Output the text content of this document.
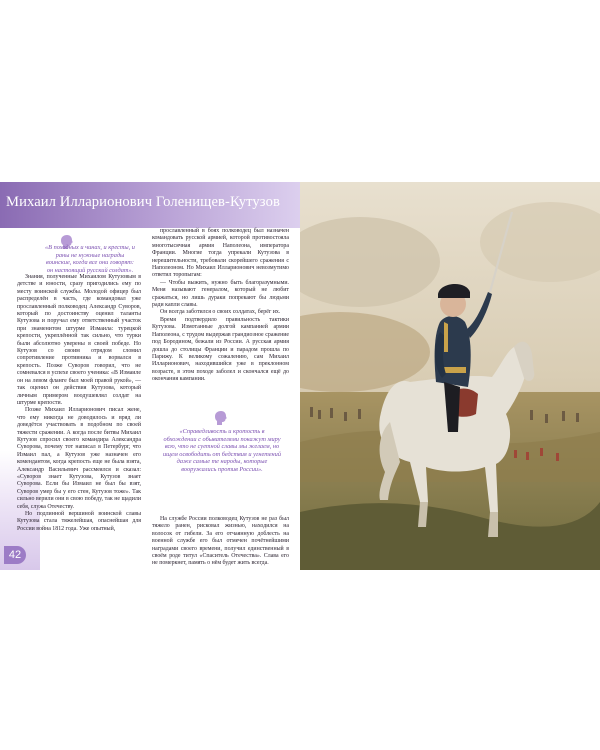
Михаил Илларионович Голенищев-Кутузов
42
«В походных и чинах, и кресты, и раны не нужные награды воинские, когда все они говорят: он настоящий русский солдат».

Знания, полученные Михаилом Кутузовым в детстве и юности, сразу пригодились ему по месту воинской службы. Молодой офицер был распределён в часть, где командовал уже прославленный полководец Александр Суворов, который по достоинству оценил таланты Кутузова и поручал ему ответственный участок при знаменитом штурме Измаила: турецкой крепости, укреплённой так сильно, что турки были абсолютно уверены в своей победе. Но Кутузов со своим отрядом сломил сопротивление противника и ворвался в крепость. Позже Суворов говорил, что не сомневался в успехе своего ученика: «В Измаиле он на левом фланге был моей правой рукой», — так оценил он действия Кутузова, который личным примером воодушевлял солдат на штурме крепости.

Позже Михаил Илларионович писал жене, что ему никогда не доводилось и вряд ли доведётся участвовать в подобном по своей тяжести сражении. А когда после битвы Михаил Кутузов спросил своего командира Александра Суворова, почему тот написал в Петербург, что Измаил пал, а Кутузов уже назначен его комендантом, когда крепость еще не была взята, Александр Васильевич рассмеялся и сказал: «Суворов знает Кутузова, Кутузов знает Суворова. Если бы Измаил не был бы взят, Суворов умер бы у его стен, Кутузов тоже». Так сильно верили они в свою победу, так не щадили себя, служа Отечеству.

Но подлинной вершиной воинской славы Кутузова стала тяжелейшая, опаснейшая для России война 1812 года. Уже опытный,

прославленный в боях полководец был назначен командовать русской армией, которой противостояла многотысячная армия Наполеона, императора Франции. Многие тогда упрекали Кутузова в нерешительности, требовали скорейшего сражения с Наполеоном. Но Михаил Илларионович невозмутимо ответил торопыгам:

— Чтобы выжить, нужно быть благоразумными. Меня называют генералом, который не любит сражаться, но лишь дураки попрекают бы людьми ради капли славы.

Он всегда заботился о своих солдатах, берёг их.

Время подтвердило правильность тактики Кутузова. Измотанные долгой кампанией армии Наполеона, с трудом выдержав грандиозное сражение под Бородином, бежали из России. А русская армия дошла до столицы Франции и парадом прошла по Парижу. К великому сожалению, сам Михаил Илларионович, находившийся уже в преклонном возрасте, в этом походе заболел и скончался ещё до окончания кампании.

«Справедливость и кротость в обхождении с обывателями покажут миру всю, что не суетной славы мы желаем, но ищем освободить от бедствия и угнетений даже самые те народы, которые вооружались против России».

На службе России полководец Кутузов не раз был тяжело ранен, рисковал жизнью, находился на волосок от гибели. За его отчаянную доблесть на военной службе его был отмечен почётнейшими наградами своего времени, получил единственный в своём роде титул «Спаситель Отечества». Слава его не померкнет, память о нём будет жить всегда.
